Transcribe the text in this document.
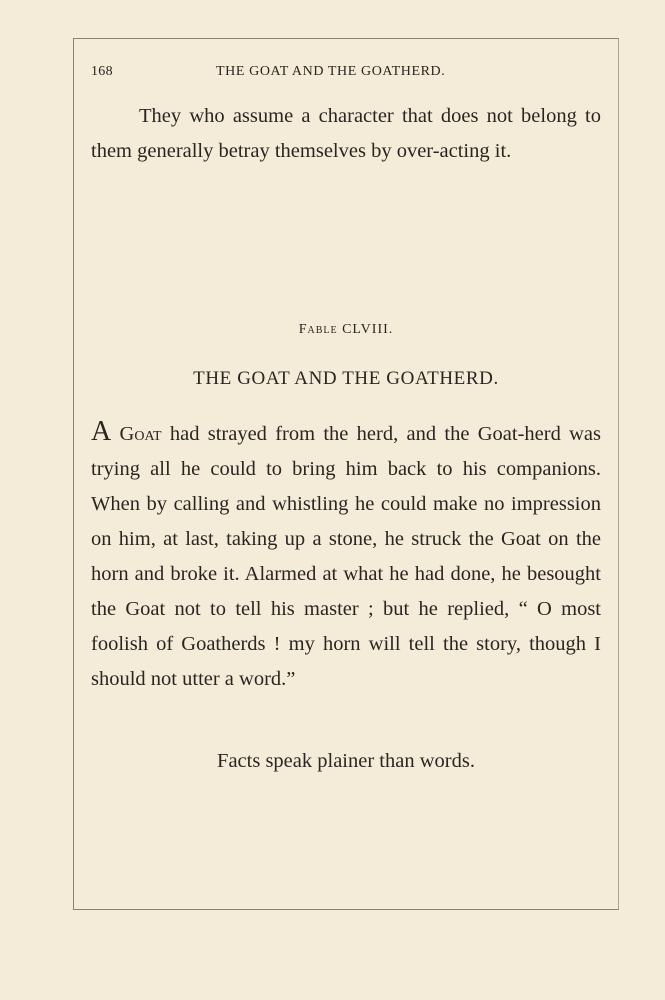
168	THE GOAT AND THE GOATHERD.
They who assume a character that does not belong to them generally betray themselves by over-acting it.
Fable CLVIII.
THE GOAT AND THE GOATHERD.
A Goat had strayed from the herd, and the Goat-herd was trying all he could to bring him back to his companions. When by calling and whistling he could make no impression on him, at last, taking up a stone, he struck the Goat on the horn and broke it. Alarmed at what he had done, he besought the Goat not to tell his master ; but he replied, “ O most foolish of Goatherds ! my horn will tell the story, though I should not utter a word.”
Facts speak plainer than words.
